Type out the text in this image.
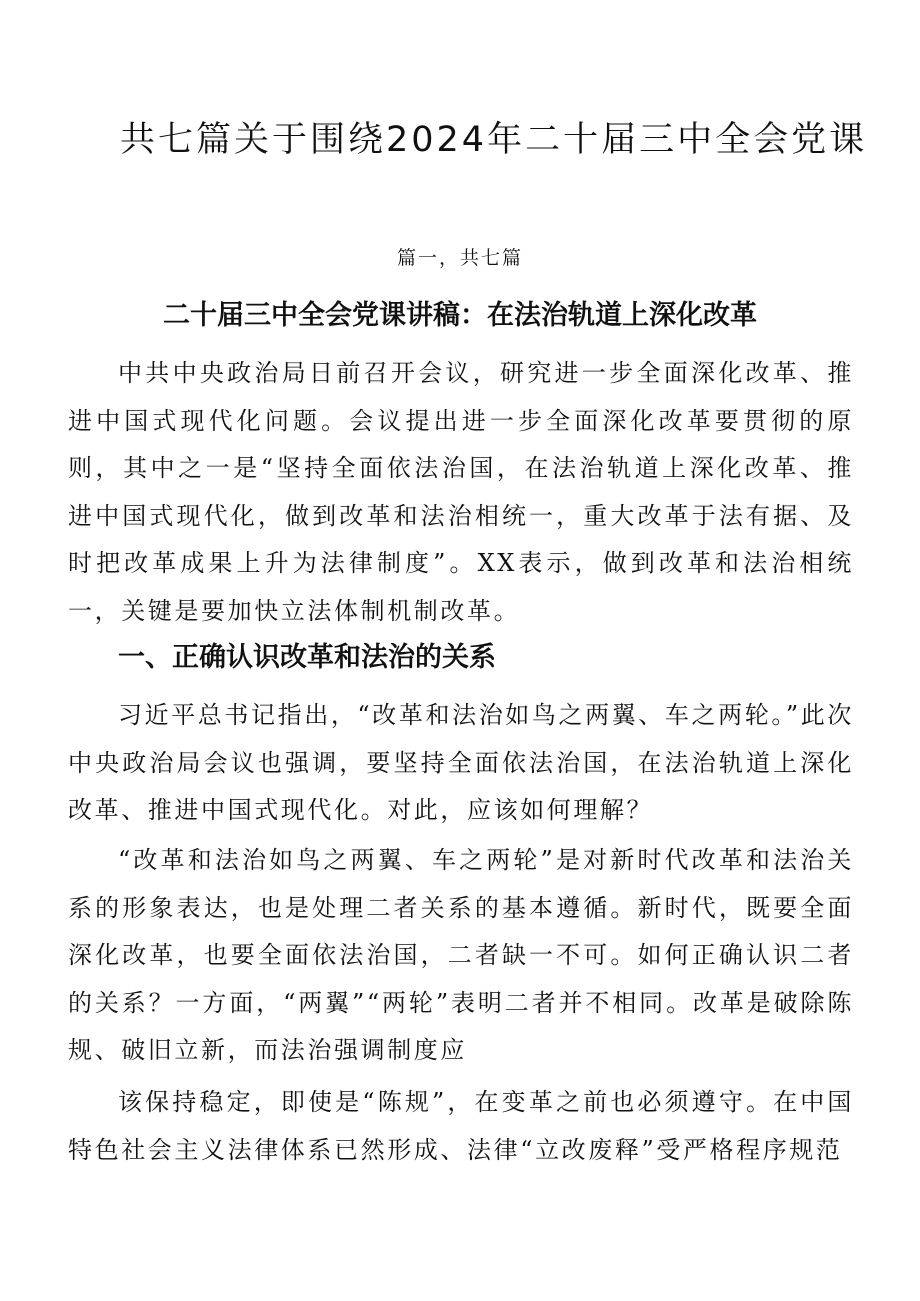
共七篇关于围绕2024年二十届三中全会党课
篇一，共七篇
二十届三中全会党课讲稿：在法治轨道上深化改革

中共中央政治局日前召开会议，研究进一步全面深化改革、推进中国式现代化问题。会议提出进一步全面深化改革要贯彻的原则，其中之一是“坚持全面依法治国，在法治轨道上深化改革、推进中国式现代化，做到改革和法治相统一，重大改革于法有据、及时把改革成果上升为法律制度”。XX表示，做到改革和法治相统一，关键是要加快立法体制机制改革。

一、正确认识改革和法治的关系

习近平总书记指出，“改革和法治如鸟之两翼、车之两轮。”此次中央政治局会议也强调，要坚持全面依法治国，在法治轨道上深化改革、推进中国式现代化。对此，应该如何理解？

“改革和法治如鸟之两翼、车之两轮”是对新时代改革和法治关系的形象表达，也是处理二者关系的基本遵循。新时代，既要全面深化改革，也要全面依法治国，二者缺一不可。如何正确认识二者的关系？一方面，“两翼”“两轮”表明二者并不相同。改革是破除陈规、破旧立新，而法治强调制度应

该保持稳定，即使是“陈规”，在变革之前也必须遵守。在中国特色社会主义法律体系已然形成、法律“立改废释”受严格程序规范
